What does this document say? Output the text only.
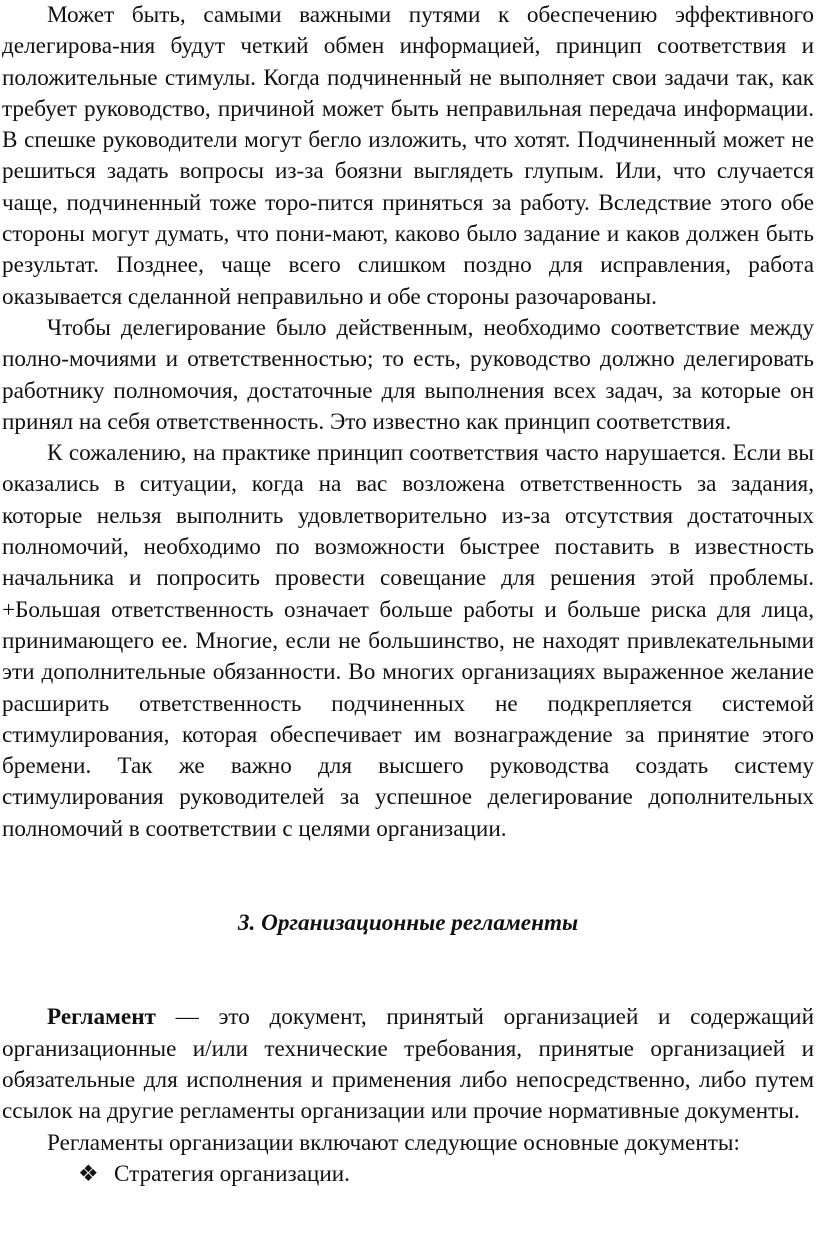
Может быть, самыми важными путями к обеспечению эффективного делегирова-ния будут четкий обмен информацией, принцип соответствия и положительные стимулы. Когда подчиненный не выполняет свои задачи так, как требует руководство, причиной может быть неправильная передача информации. В спешке руководители могут бегло изложить, что хотят. Подчиненный может не решиться задать вопросы из-за боязни выглядеть глупым. Или, что случается чаще, подчиненный тоже торо-пится приняться за работу. Вследствие этого обе стороны могут думать, что пони-мают, каково было задание и каков должен быть результат. Позднее, чаще всего слишком поздно для исправления, работа оказывается сделанной неправильно и обе стороны разочарованы.

Чтобы делегирование было действенным, необходимо соответствие между полно-мочиями и ответственностью; то есть, руководство должно делегировать работнику полномочия, достаточные для выполнения всех задач, за которые он принял на себя ответственность. Это известно как принцип соответствия.

К сожалению, на практике принцип соответствия часто нарушается. Если вы оказались в ситуации, когда на вас возложена ответственность за задания, которые нельзя выполнить удовлетворительно из-за отсутствия достаточных полномочий, необходимо по возможности быстрее поставить в известность начальника и попросить провести совещание для решения этой проблемы. +Большая ответственность означает больше работы и больше риска для лица, принимающего ее. Многие, если не большинство, не находят привлекательными эти дополнительные обязанности. Во многих организациях выраженное желание расширить ответственность подчиненных не подкрепляется системой стимулирования, которая обеспечивает им вознаграждение за принятие этого бремени. Так же важно для высшего руководства создать систему стимулирования руководителей за успешное делегирование дополнительных полномочий в соответствии с целями организации.

3. Организационные регламенты

Регламент — это документ, принятый организацией и содержащий организационные и/или технические требования, принятые организацией и обязательные для исполнения и применения либо непосредственно, либо путем ссылок на другие регламенты организации или прочие нормативные документы.

Регламенты организации включают следующие основные документы:

❖ Стратегия организации.
